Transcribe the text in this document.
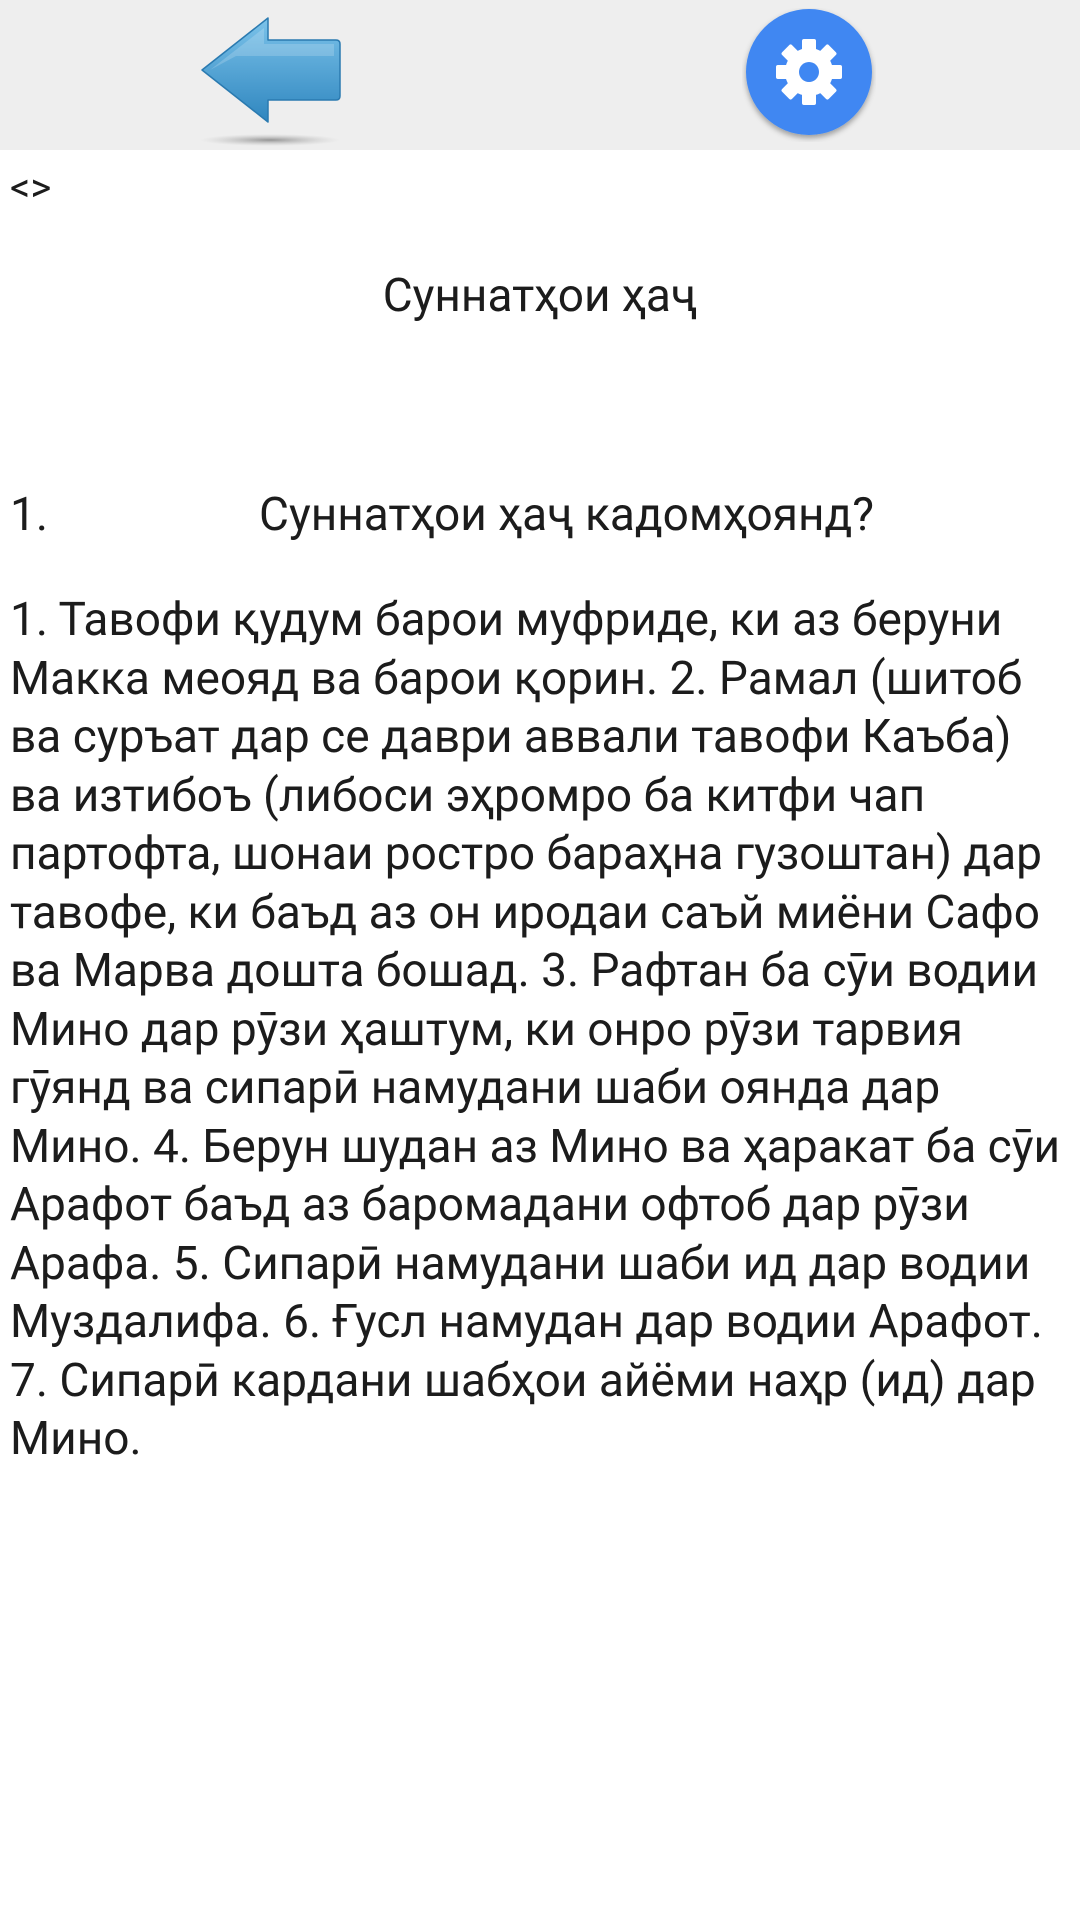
<>
Суннатҳои ҳаҷ
1.	Суннатҳои ҳаҷ кадомҳоянд?

1. Тавофи қудум барои муфриде, ки аз беруни Макка меояд ва барои қорин. 2. Рамал (шитоб ва суръат дар се даври аввали тавофи Каъба) ва изтибоъ (либоси эҳромро ба китфи чап партофта, шонаи ростро бараҳна гузоштан) дар тавофе, ки баъд аз он иродаи саъй миёни Сафо ва Марва дошта бошад. 3. Рафтан ба сӯи водии Мино дар рӯзи ҳаштум, ки онро рӯзи тарвия гӯянд ва сипарӣ намудани шаби оянда дар Мино. 4. Берун шудан аз Мино ва ҳаракат ба сӯи Арафот баъд аз баромадани офтоб дар рӯзи Арафа. 5. Сипарӣ намудани шаби ид дар водии Муздалифа. 6. Ғусл намудан дар водии Арафот. 7. Сипарӣ кардани шабҳои айёми наҳр (ид) дар Мино.
